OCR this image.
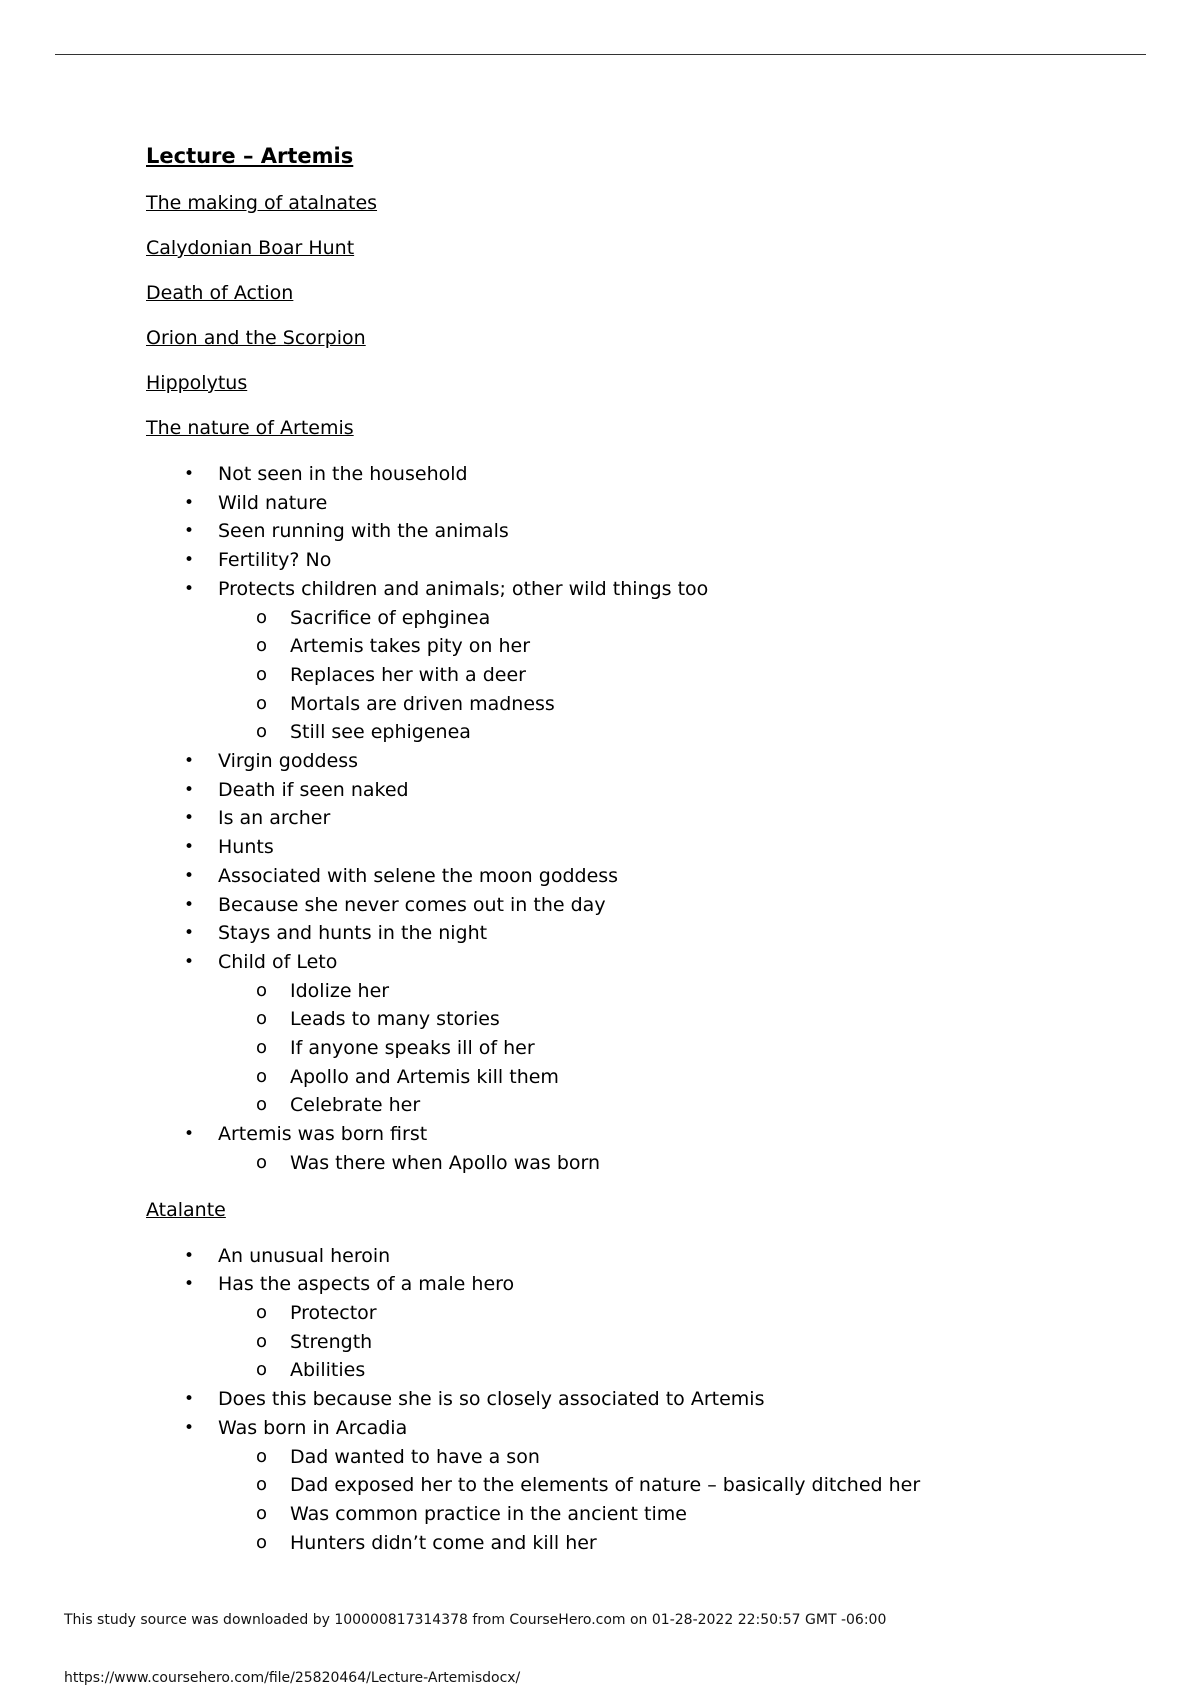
Lecture – Artemis
The making of atalnates
Calydonian Boar Hunt
Death of Action
Orion and the Scorpion
Hippolytus
The nature of Artemis
• Not seen in the household
• Wild nature
• Seen running with the animals
• Fertility? No
• Protects children and animals; other wild things too
o Sacrifice of ephginea
o Artemis takes pity on her
o Replaces her with a deer
o Mortals are driven madness
o Still see ephigenea
• Virgin goddess
• Death if seen naked
• Is an archer
• Hunts
• Associated with selene the moon goddess
• Because she never comes out in the day
• Stays and hunts in the night
• Child of Leto
o Idolize her
o Leads to many stories
o If anyone speaks ill of her
o Apollo and Artemis kill them
o Celebrate her
• Artemis was born first
o Was there when Apollo was born
Atalante
• An unusual heroin
• Has the aspects of a male hero
o Protector
o Strength
o Abilities
• Does this because she is so closely associated to Artemis
• Was born in Arcadia
o Dad wanted to have a son
o Dad exposed her to the elements of nature – basically ditched her
o Was common practice in the ancient time
o Hunters didn’t come and kill her
This study source was downloaded by 100000817314378 from CourseHero.com on 01-28-2022 22:50:57 GMT -06:00
https://www.coursehero.com/file/25820464/Lecture-Artemisdocx/
